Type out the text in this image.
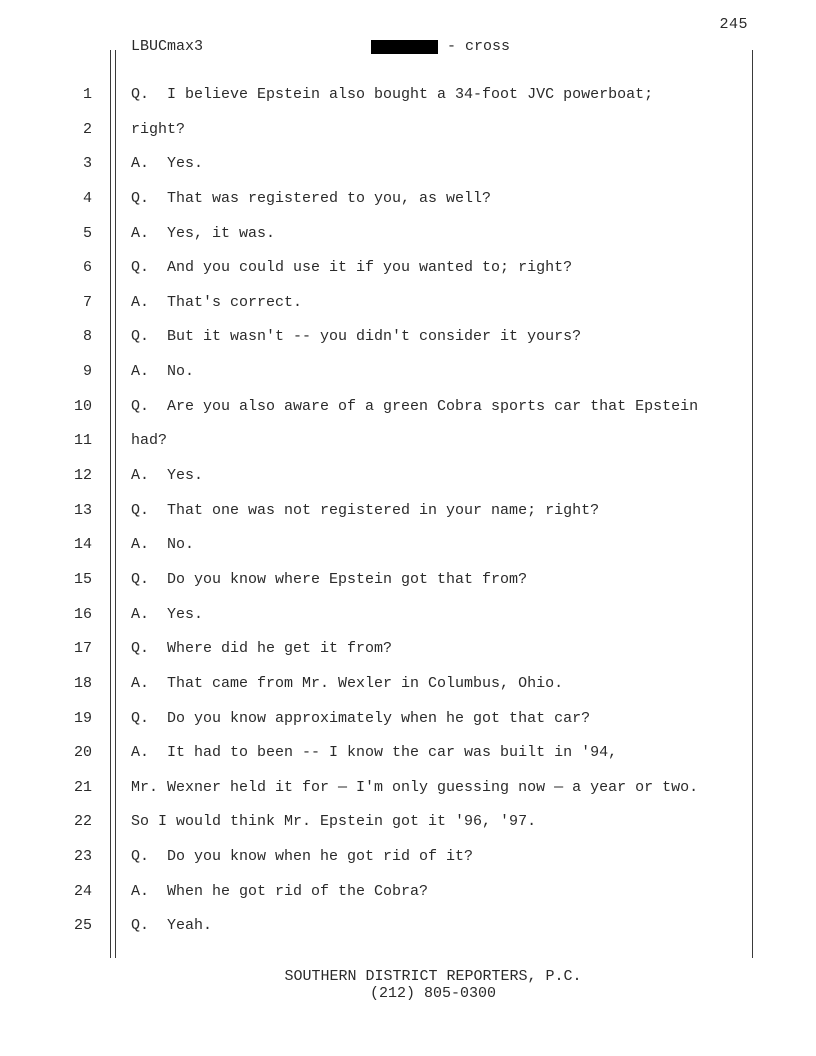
245
LBUCmax3	- cross
1	Q.  I believe Epstein also bought a 34-foot JVC powerboat;
2	right?
3	A.  Yes.
4	Q.  That was registered to you, as well?
5	A.  Yes, it was.
6	Q.  And you could use it if you wanted to; right?
7	A.  That's correct.
8	Q.  But it wasn't -- you didn't consider it yours?
9	A.  No.
10	Q.  Are you also aware of a green Cobra sports car that Epstein
11	had?
12	A.  Yes.
13	Q.  That one was not registered in your name; right?
14	A.  No.
15	Q.  Do you know where Epstein got that from?
16	A.  Yes.
17	Q.  Where did he get it from?
18	A.  That came from Mr. Wexler in Columbus, Ohio.
19	Q.  Do you know approximately when he got that car?
20	A.  It had to been -- I know the car was built in '94,
21	Mr. Wexner held it for — I'm only guessing now — a year or two.
22	So I would think Mr. Epstein got it '96, '97.
23	Q.  Do you know when he got rid of it?
24	A.  When he got rid of the Cobra?
25	Q.  Yeah.
SOUTHERN DISTRICT REPORTERS, P.C.
(212) 805-0300
